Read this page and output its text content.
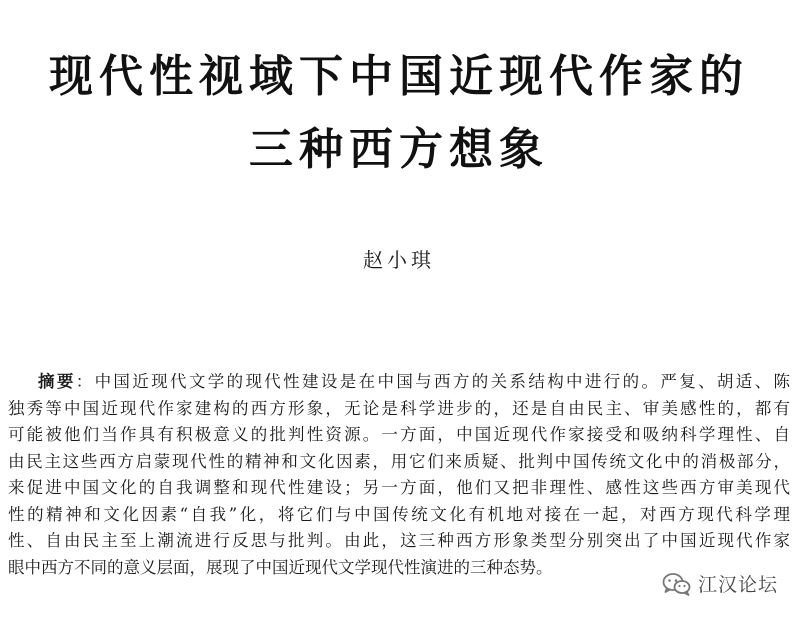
现代性视域下中国近现代作家的
三种西方想象
赵小琪
摘要：中国近现代文学的现代性建设是在中国与西方的关系结构中进行的。严复、胡适、陈
独秀等中国近现代作家建构的西方形象，无论是科学进步的，还是自由民主、审美感性的，都有
可能被他们当作具有积极意义的批判性资源。一方面，中国近现代作家接受和吸纳科学理性、自
由民主这些西方启蒙现代性的精神和文化因素，用它们来质疑、批判中国传统文化中的消极部分，
来促进中国文化的自我调整和现代性建设；另一方面，他们又把非理性、感性这些西方审美现代
性的精神和文化因素“自我”化，将它们与中国传统文化有机地对接在一起，对西方现代科学理
性、自由民主至上潮流进行反思与批判。由此，这三种西方形象类型分别突出了中国近现代作家
眼中西方不同的意义层面，展现了中国近现代文学现代性演进的三种态势。
江汉论坛
